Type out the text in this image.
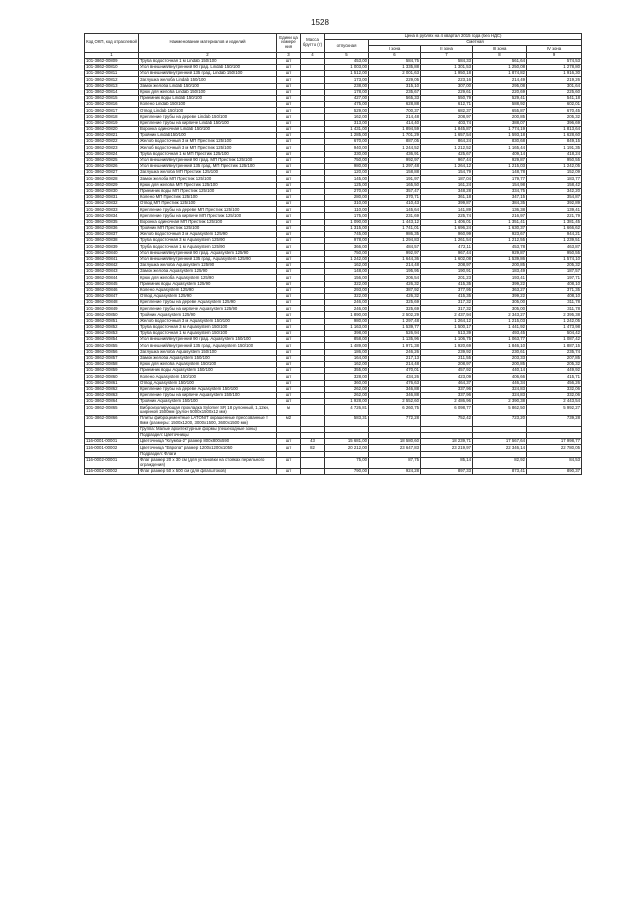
1528
Код ОКП, код отраслевой	Наименование материалов и изделий	Едини ца измере ния	Масса брутто (т)	Цена в рублях на 4 квартал 2015 года (без НДС)				
				отпускная	Сметная			
					I зона	II зона	III зона	IV зона
1	2	3	4	5	6	7	8	9
101-3862-00809	Труба водосточная 1 м Lindab 150/100	шт		453,00	584,75	584,33	561,64	574,53
101-3862-00810	Угол внешний/внутренний 90 град. Lindab 150/100	шт		1 003,00	1 335,88	1 301,53	1 250,08	1 278,80
101-3862-00811	Угол внешний/внутренний 135 град. Lindab 150/100	шт		1 512,00	2 001,63	1 950,18	1 874,82	1 916,30
101-3862-00812	Заглушка желоба Lindab 150/100	шт		173,00	229,05	223,16	214,49	219,26
101-3862-00813	Замок желоба Lindab 150/100	шт		238,00	315,10	307,00	295,08	301,64
101-3862-00814	Крюк для желоба Lindab 150/100	шт		178,00	235,67	229,61	220,69	225,60
101-3862-00815	Приемник воды Lindab 150/100	шт		427,00	565,33	550,79	529,41	541,18
101-3862-00816	Колено Lindab 150/100	шт		475,00	628,88	612,71	588,92	602,01
101-3862-00817	Отвод Lindab 150/100	шт		529,00	700,37	682,37	655,87	670,45
101-3862-00818	Крепление трубы на дереве Lindab 150/100	шт		162,00	214,48	208,97	200,85	205,32
101-3862-00819	Крепление трубы на кирпиче Lindab 150/100	шт		313,00	414,40	403,74	388,07	396,69
101-3862-00820	Воронка одиночная Lindab 150/100	шт		1 431,00	1 894,59	1 845,87	1 774,19	1 813,64
101-3862-00821	Тройник Lindab150/100	шт		1 285,00	1 701,29	1 657,54	1 593,18	1 628,60
101-3862-00822	Желоб водосточный 3 м МП Престиж 125/100	шт		670,00	887,05	864,24	830,68	849,15
101-3862-00823	Желоб водосточный 3 м МП Престиж 125/100	шт		940,00	1 244,52	1 212,52	1 165,44	1 191,35
101-3862-00824	Труба водосточная 1 м МП Престиж 125/100	шт		330,00	436,91	425,67	409,14	418,24
101-3862-00825	Угол внешний/внутренний 90 град. МП Престиж 125/100	шт		750,00	992,97	967,44	929,87	950,55
101-3862-00826	Угол внешний/внутренний 135 град. МП Престиж 125/100	шт		980,00	1 297,48	1 264,12	1 215,03	1 242,05
101-3862-00827	Заглушка желоба МП Престиж 125/100	шт		120,00	158,88	154,79	148,78	152,09
101-3862-00828	Замок желоба МП Престиж 125/100	шт		145,00	191,97	187,04	179,77	183,77
101-3862-00829	Крюк для желоба МП Престиж 125/100	шт		125,00	165,50	161,24	154,98	158,42
101-3862-00830	Приемник воды МП Престиж 125/100	шт		270,00	357,47	348,28	334,75	342,20
101-3862-00831	Колено МП Престиж 125/100	шт		280,00	370,71	361,18	347,15	354,87
101-3862-00832	Отвод МП Престиж 125/100	шт		310,00	410,43	399,87	384,35	392,89
101-3862-00833	Крепление трубы на дереве МП Престиж 125/100	шт		110,00	145,64	141,89	136,38	139,41
101-3862-00834	Крепление трубы на кирпиче МП Престиж 125/100	шт		175,00	231,69	225,74	216,97	221,79
101-3862-00835	Воронка одиночная МП Престиж 125/100	шт		1 090,00	1 443,12	1 406,01	1 351,41	1 381,45
101-3862-00836	Тройник МП Престиж 125/100	шт		1 315,00	1 741,01	1 696,24	1 630,37	1 666,62
101-3862-00837	Желоб водосточный 3 м Aquasystem 125/90	шт		745,00	986,35	960,99	923,67	944,21
101-3862-00838	Труба водосточная 3 м Aquasystem 125/90	шт		978,00	1 294,83	1 261,54	1 212,55	1 239,51
101-3862-00839	Труба водосточная 1 м Aquasystem 125/90	шт		366,00	484,57	472,11	453,78	463,87
101-3862-00840	Угол внешний/внутренний 90 град. Aquasystem 125/90	шт		750,00	992,97	967,44	929,87	950,55
101-3862-00841	Угол внешний/внутренний 135 град. Aquasystem 125/90	шт		1 242,00	1 644,36	1 602,08	1 539,86	1 574,10
101-3862-00842	Заглушка желоба Aquasystem 125/90	шт		162,00	214,48	208,97	200,85	205,32
101-3862-00843	Замок желоба Aquasystem 125/90	шт		148,00	195,95	190,91	183,49	187,57
101-3862-00844	Крюк для желоба Aquasystem 125/90	шт		156,00	206,54	201,23	193,41	197,71
101-3862-00845	Приемник воды Aquasystem 125/90	шт		322,00	426,32	415,35	399,22	408,10
101-3862-00846	Колено Aquasystem 125/90	шт		293,00	387,92	377,95	363,27	371,35
101-3862-00847	Отвод Aquasystem 125/90	шт		322,00	426,32	415,35	399,22	408,10
101-3862-00848	Крепление трубы на дереве Aquasystem 125/90	шт		246,00	325,69	317,32	305,00	311,78
101-3862-00849	Крепление трубы на кирпиче Aquasystem 125/90	шт		246,00	325,69	317,32	305,00	311,78
101-3862-00850	Тройник Aquasystem 125/90	шт		1 890,00	2 502,29	2 437,94	2 343,27	2 395,38
101-3862-00851	Желоб водосточный 3 м Aquasystem 150/100	шт		980,00	1 297,48	1 264,12	1 215,03	1 242,05
101-3862-00852	Труба водосточная 3 м Aquasystem 150/100	шт		1 163,00	1 539,77	1 500,17	1 441,92	1 473,98
101-3862-00853	Труба водосточная 1 м Aquasystem 150/100	шт		398,00	526,94	513,39	493,45	504,42
101-3862-00854	Угол внешний/внутренний 90 град. Aquasystem 150/100	шт		858,00	1 135,96	1 106,75	1 063,77	1 087,42
101-3862-00855	Угол внешний/внутренний 135 град. Aquasystem 150/100	шт		1 489,00	1 971,38	1 920,69	1 846,10	1 887,15
101-3862-00856	Заглушка желоба Aquasystem 150/100	шт		186,00	246,26	239,92	230,61	235,74
101-3862-00857	Замок желоба Aquasystem 150/100	шт		164,00	217,13	211,55	203,33	207,85
101-3862-00858	Крюк для желоба Aquasystem 150/100	шт		162,00	214,48	208,97	200,85	205,32
101-3862-00859	Приемник воды Aquasystem 150/100	шт		355,00	470,01	457,92	440,14	449,92
101-3862-00860	Колено Aquasystem 150/100	шт		328,00	434,26	423,09	406,66	415,71
101-3862-00861	Отвод Aquasystem 150/100	шт		360,00	476,63	464,37	446,34	456,26
101-3862-00862	Крепление трубы на дереве Aquasystem 150/100	шт		262,00	346,88	337,96	324,83	332,06
101-3862-00863	Крепление трубы на кирпиче Aquasystem 150/100	шт		262,00	346,88	337,96	324,83	332,06
101-3862-00864	Тройник Aquasystem 150/100	шт		1 928,00	2 552,60	2 486,96	2 390,38	2 443,54
101-3862-00865	Виброизолирующая прокладка Sylomer SR 18 рулонный, 1,12кн, шириной 1500мм (рулон 5000х1500х12 мм)	м		4 726,81	6 260,75	6 098,77	5 862,50	5 992,27
101-3862-00866	Плиты фиброцементные LATONIT окрашенные прессованные т 8мм (размеры: 1500х1200, 3000х1500, 3600х1500 мм)	м2		583,31	772,28	752,42	723,20	739,28
	Группа: Малые архитектурные формы (пешеходные зоны)							
	Подраздел: Цветочницы							
116-0001-00001	Цветочница "Клумба-2" размер 800х800х590	шт	43	15 681,00	18 580,60	18 239,71	17 567,64	17 998,77
116-0001-00002	Цветочница "Европа" размер 1200х1200х1050	шт	82	20 212,00	23 647,83	23 219,97	22 346,14	22 780,05
	Подраздел: Флаги							
116-0002-00001	Флаг размер 20 х 30 см (для установки на стойках перильного ограждения)	шт		75,00	87,75	85,14	82,92	84,53
116-0002-00002	Флаг размер 50 х 500 см (для флагштоков)	шт		790,00	924,28	897,33	873,41	890,37
